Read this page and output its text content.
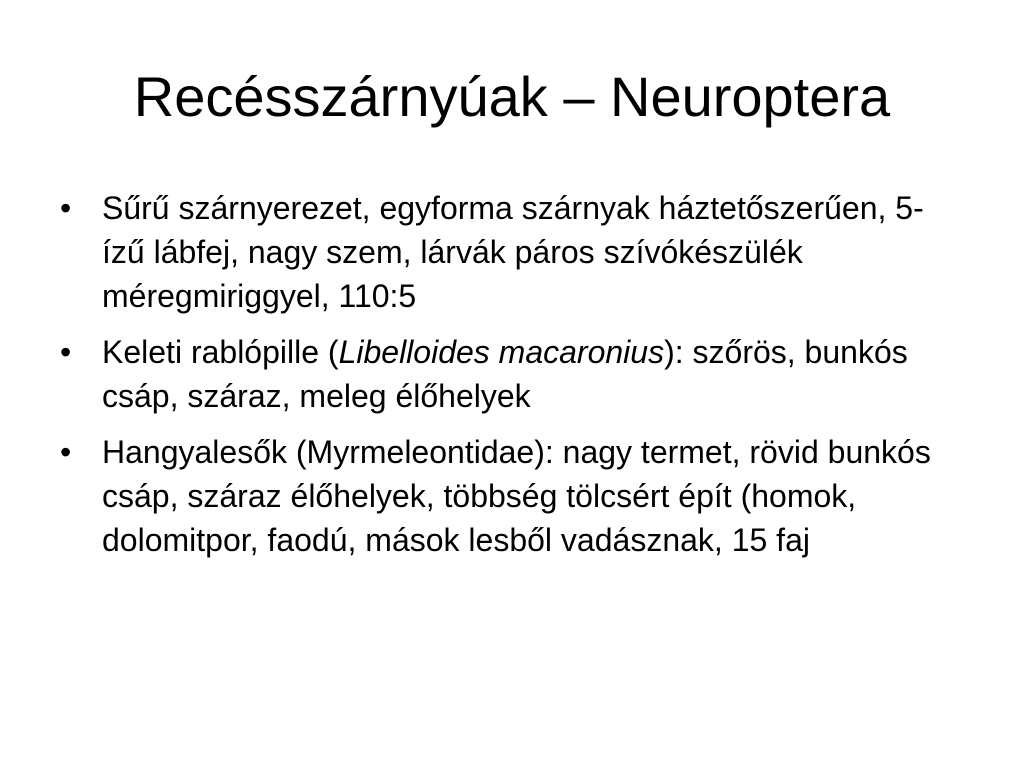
Recésszárnyúak – Neuroptera
• Sűrű szárnyerezet, egyforma szárnyak háztetőszerűen, 5-ízű lábfej, nagy szem, lárvák páros szívókészülék méregmiriggyel, 110:5
• Keleti rablópille (Libelloides macaronius): szőrös, bunkós csáp, száraz, meleg élőhelyek
• Hangyalesők (Myrmeleontidae): nagy termet, rövid bunkós csáp, száraz élőhelyek, többség tölcsért épít (homok, dolomitpor, faodú, mások lesből vadásznak, 15 faj
